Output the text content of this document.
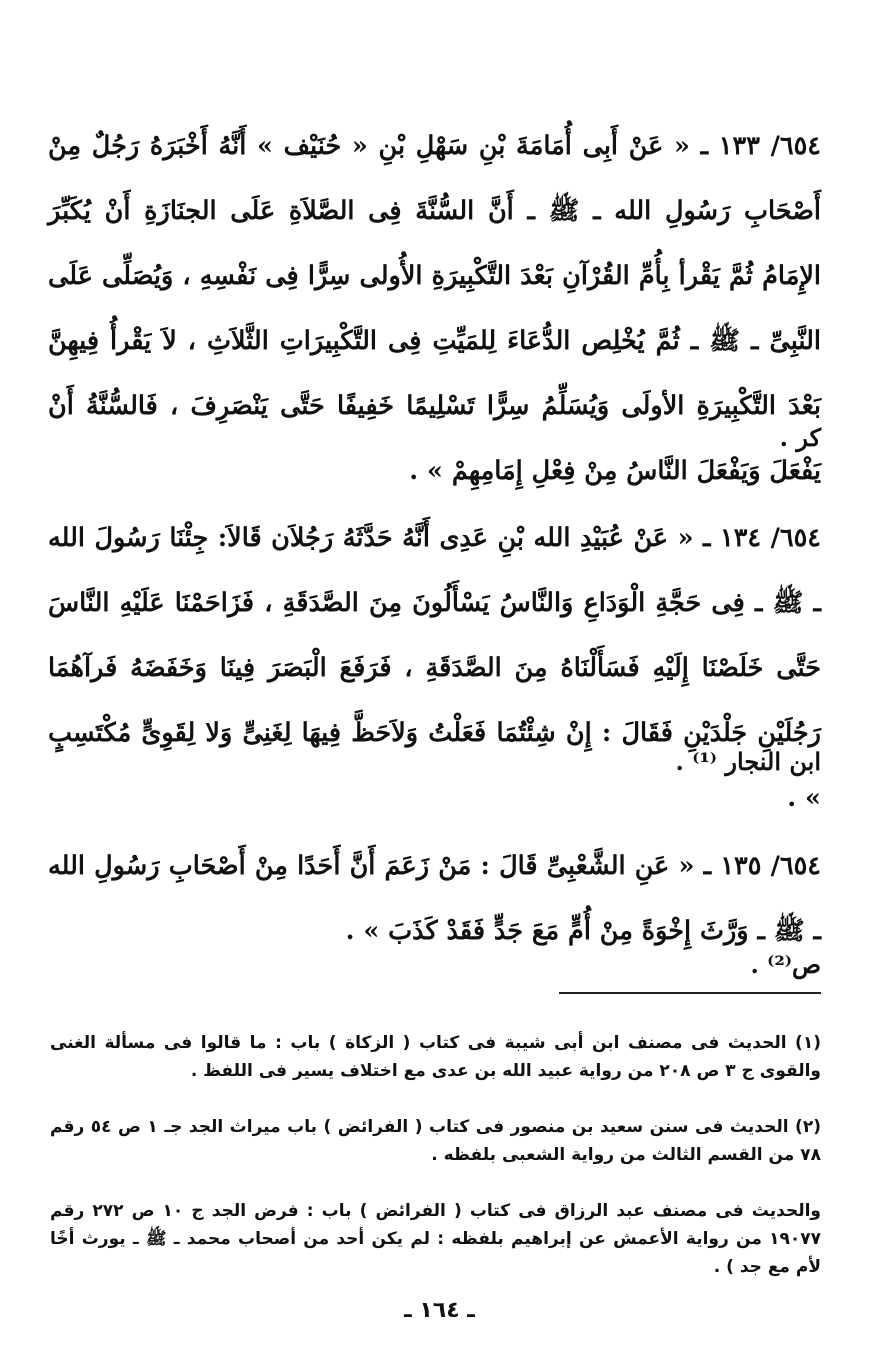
٦٥٤/ ١٣٣ ـ « عَنْ أَبِى أُمَامَةَ بْنِ سَهْلِ بْنِ « حُنَيْف » أَنَّهُ أَخْبَرَهُ رَجُلٌ مِنْ أَصْحَابِ رَسُولِ الله ـ ﷺ ـ أَنَّ السُّنَّةَ فِى الصَّلاَةِ عَلَى الجنَازَةِ أَنْ يُكَبِّرَ الإِمَامُ ثُمَّ يَقْرأ بِأُمِّ القُرْآنِ بَعْدَ التَّكْبِيرَةِ الأُولى سِرًّا فِى نَفْسِهِ ، وَيُصَلِّى عَلَى النَّبِىِّ ـ ﷺ ـ ثُمَّ يُخْلِص الدُّعَاءَ لِلمَيِّتِ فِى التَّكْبِيرَاتِ الثَّلاَثِ ، لاَ يَقْرأُ فِيهِنَّ بَعْدَ التَّكْبِيرَةِ الأولَى وَيُسَلِّمُ سِرًّا تَسْلِيمًا خَفِيفًا حَتَّى يَنْصَرِفَ ، فَالسُّنَّةُ أَنْ يَفْعَلَ وَيَفْعَلَ النَّاسُ مِنْ فِعْلِ إِمَامِهِمْ » .

كر .

٦٥٤/ ١٣٤ ـ « عَنْ عُبَيْدِ الله بْنِ عَدِى أَنَّهُ حَدَّثَهُ رَجُلاَن قَالاَ: جِئْنَا رَسُولَ الله ـ ﷺ ـ فِى حَجَّةِ الْوَدَاعِ وَالنَّاسُ يَسْأَلُونَ مِنَ الصَّدَقَةِ ، فَزَاحَمْنَا عَلَيْهِ النَّاسَ حَتَّى خَلَصْنَا إِلَيْهِ فَسَأَلْنَاهُ مِنَ الصَّدَقَةِ ، فَرَفَعَ الْبَصَرَ فِينَا وَخَفَضَهُ فَرآهُمَا رَجُلَيْنِ جَلْدَيْنِ فَقَالَ : إِنْ شِئْتُمَا فَعَلْتُ وَلاَحَظَّ فِيهَا لِغَنِىٍّ وَلا لِقَوِىٍّ مُكْتَسِبٍ » .

ابن النجار ⁽¹⁾ .

٦٥٤/ ١٣٥ ـ « عَنِ الشَّعْبِىِّ قَالَ : مَنْ زَعَمَ أَنَّ أَحَدًا مِنْ أَصْحَابِ رَسُولِ الله ـ ﷺ ـ وَرَّثَ إِخْوَةً مِنْ أُمٍّ مَعَ جَدٍّ فَقَدْ كَذَبَ » .

ص⁽²⁾ .

(١) الحديث فى مصنف ابن أبى شيبة فى كتاب ( الزكاة ) باب : ما قالوا فى مسألة الغنى والقوى ج ٣ ص ٢٠٨ من رواية عبيد الله بن عدى مع اختلاف يسير فى اللفظ .

(٢) الحديث فى سنن سعيد بن منصور فى كتاب ( الفرائض ) باب ميراث الجد جـ ١ ص ٥٤ رقم ٧٨ من القسم الثالث من رواية الشعبى بلفظه .

والحديث فى مصنف عبد الرزاق فى كتاب ( الفرائض ) باب : فرض الجد ج ١٠ ص ٢٧٢ رقم ١٩٠٧٧ من رواية الأعمش عن إبراهيم بلفظه : لم يكن أحد من أصحاب محمد ـ ﷺ ـ يورث أخًا لأم مع جد ) .

ـ ١٦٤ ـ
